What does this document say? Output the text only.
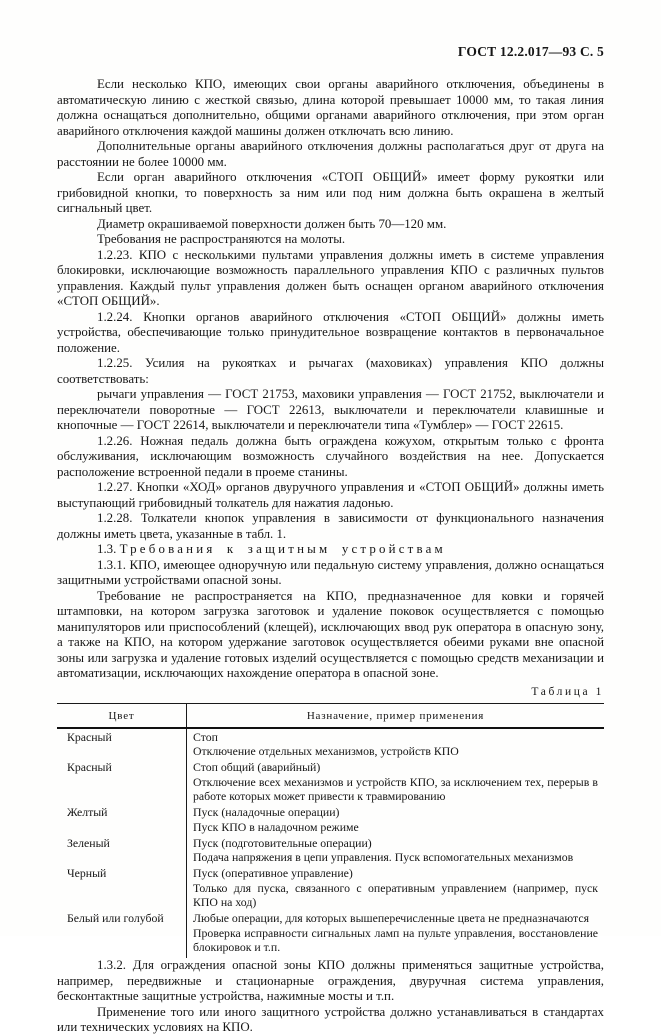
ГОСТ 12.2.017—93 С. 5

Если несколько КПО, имеющих свои органы аварийного отключения, объединены в автоматическую линию с жесткой связью, длина которой превышает 10000 мм, то такая линия должна оснащаться дополнительно, общими органами аварийного отключения, при этом орган аварийного отключения каждой машины должен отключать всю линию.

Дополнительные органы аварийного отключения должны располагаться друг от друга на расстоянии не более 10000 мм.

Если орган аварийного отключения «СТОП ОБЩИЙ» имеет форму рукоятки или грибовидной кнопки, то поверхность за ним или под ним должна быть окрашена в желтый сигнальный цвет.

Диаметр окрашиваемой поверхности должен быть 70—120 мм.

Требования не распространяются на молоты.

1.2.23. КПО с несколькими пультами управления должны иметь в системе управления блокировки, исключающие возможность параллельного управления КПО с различных пультов управления. Каждый пульт управления должен быть оснащен органом аварийного отключения «СТОП ОБЩИЙ».

1.2.24. Кнопки органов аварийного отключения «СТОП ОБЩИЙ» должны иметь устройства, обеспечивающие только принудительное возвращение контактов в первоначальное положение.

1.2.25. Усилия на рукоятках и рычагах (маховиках) управления КПО должны соответствовать:

рычаги управления — ГОСТ 21753, маховики управления — ГОСТ 21752, выключатели и переключатели поворотные — ГОСТ 22613, выключатели и переключатели клавишные и кнопочные — ГОСТ 22614, выключатели и переключатели типа «Тумблер» — ГОСТ 22615.

1.2.26. Ножная педаль должна быть ограждена кожухом, открытым только с фронта обслуживания, исключающим возможность случайного воздействия на нее. Допускается расположение встроенной педали в проеме станины.

1.2.27. Кнопки «ХОД» органов двуручного управления и «СТОП ОБЩИЙ» должны иметь выступающий грибовидный толкатель для нажатия ладонью.

1.2.28. Толкатели кнопок управления в зависимости от функционального назначения должны иметь цвета, указанные в табл. 1.

1.3. Требования к защитным устройствам

1.3.1. КПО, имеющее одноручную или педальную систему управления, должно оснащаться защитными устройствами опасной зоны.

Требование не распространяется на КПО, предназначенное для ковки и горячей штамповки, на котором загрузка заготовок и удаление поковок осуществляется с помощью манипуляторов или приспособлений (клещей), исключающих ввод рук оператора в опасную зону, а также на КПО, на котором удержание заготовок осуществляется обеими руками вне опасной зоны или загрузка и удаление готовых изделий осуществляется с помощью средств механизации и автоматизации, исключающих нахождение оператора в опасной зоне.

Таблица 1
Цвет	Назначение, пример применения
Красный	Стоп
Отключение отдельных механизмов, устройств КПО
Красный	Стоп общий (аварийный)
Отключение всех механизмов и устройств КПО, за исключением тех, перерыв в работе которых может привести к травмированию
Желтый	Пуск (наладочные операции)
Пуск КПО в наладочном режиме
Зеленый	Пуск (подготовительные операции)
Подача напряжения в цепи управления. Пуск вспомогательных механизмов
Черный	Пуск (оперативное управление)
Только для пуска, связанного с оперативным управлением (например, пуск КПО на ход)
Белый или голубой	Любые операции, для которых вышеперечисленные цвета не предназначаются
Проверка исправности сигнальных ламп на пульте управления, восстановление блокировок и т.п.

1.3.2. Для ограждения опасной зоны КПО должны применяться защитные устройства, например, передвижные и стационарные ограждения, двуручная система управления, бесконтактные защитные устройства, нажимные мосты и т.п.

Применение того или иного защитного устройства должно устанавливаться в стандартах или технических условиях на КПО.
